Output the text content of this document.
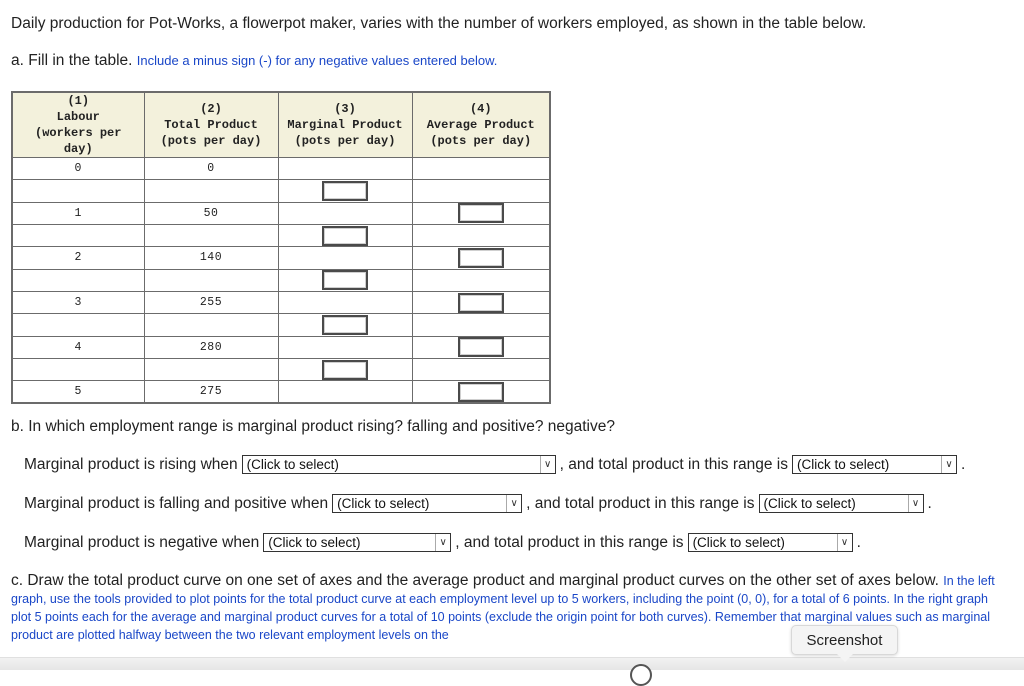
Daily production for Pot-Works, a flowerpot maker, varies with the number of workers employed, as shown in the table below.

a. Fill in the table. Include a minus sign (-) for any negative values entered below.

(1)
Labour
(workers per
day)	(2)
Total Product
(pots per day)	(3)
Marginal Product
(pots per day)	(4)
Average Product
(pots per day)
0	0		

1	50		

2	140		

3	255		

4	280		

5	275		

b. In which employment range is marginal product rising? falling and positive? negative?

Marginal product is rising when (Click to select)	∨ , and total product in this range is (Click to select)	∨ .
Marginal product is falling and positive when (Click to select)	∨ , and total product in this range is (Click to select)	∨ .
Marginal product is negative when (Click to select)	∨ , and total product in this range is (Click to select)	∨ .

c. Draw the total product curve on one set of axes and the average product and marginal product curves on the other set of axes below. In the left graph, use the tools provided to plot points for the total product curve at each employment level up to 5 workers, including the point (0, 0), for a total of 6 points. In the right graph plot 5 points each for the average and marginal product curves for a total of 10 points (exclude the origin point for both curves). Remember that marginal values such as marginal product are plotted halfway between the two relevant employment levels on the	Screenshot
